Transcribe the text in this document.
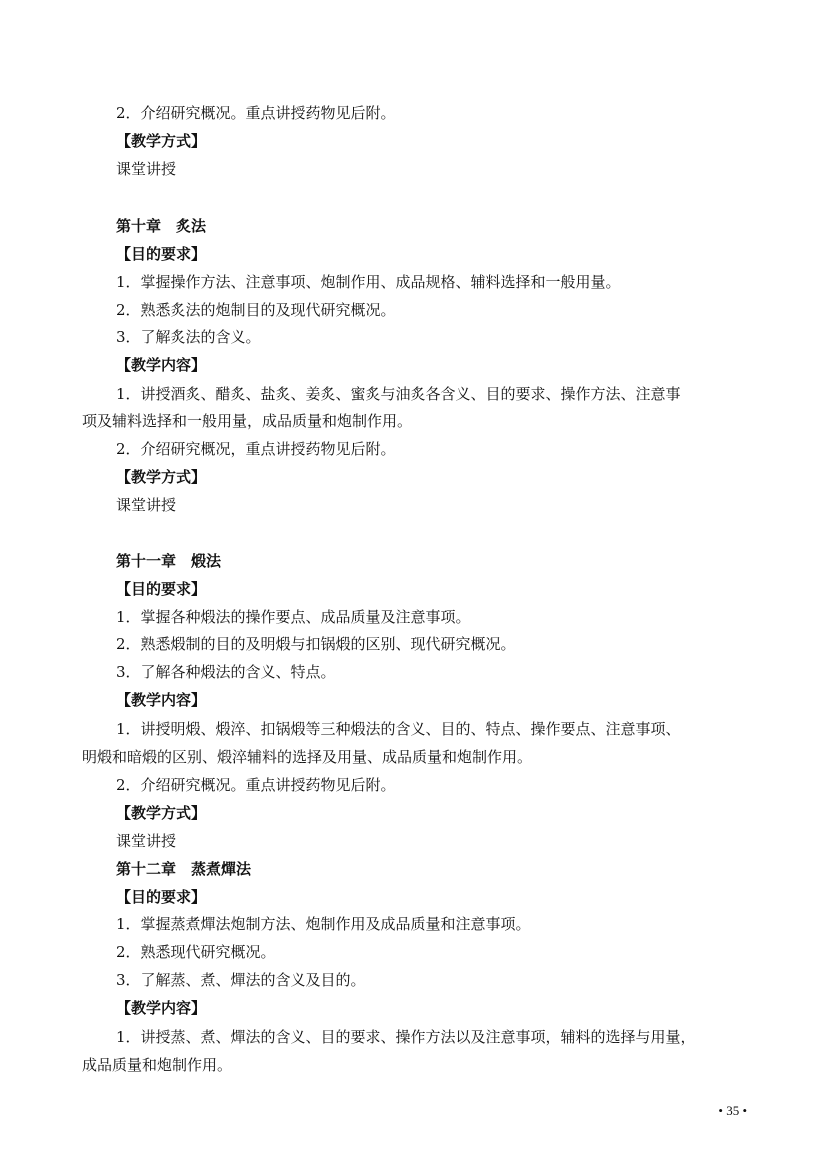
2．介绍研究概况。重点讲授药物见后附。
【教学方式】
课堂讲授
第十章　炙法
【目的要求】
1．掌握操作方法、注意事项、炮制作用、成品规格、辅料选择和一般用量。
2．熟悉炙法的炮制目的及现代研究概况。
3．了解炙法的含义。
【教学内容】
1．讲授酒炙、醋炙、盐炙、姜炙、蜜炙与油炙各含义、目的要求、操作方法、注意事
项及辅料选择和一般用量，成品质量和炮制作用。
2．介绍研究概况，重点讲授药物见后附。
【教学方式】
课堂讲授
第十一章　煅法
【目的要求】
1．掌握各种煅法的操作要点、成品质量及注意事项。
2．熟悉煅制的目的及明煅与扣锅煅的区别、现代研究概况。
3．了解各种煅法的含义、特点。
【教学内容】
1．讲授明煅、煅淬、扣锅煅等三种煅法的含义、目的、特点、操作要点、注意事项、
明煅和暗煅的区别、煅淬辅料的选择及用量、成品质量和炮制作用。
2．介绍研究概况。重点讲授药物见后附。
【教学方式】
课堂讲授
第十二章　蒸煮燀法
【目的要求】
1．掌握蒸煮燀法炮制方法、炮制作用及成品质量和注意事项。
2．熟悉现代研究概况。
3．了解蒸、煮、燀法的含义及目的。
【教学内容】
1．讲授蒸、煮、燀法的含义、目的要求、操作方法以及注意事项，辅料的选择与用量，
成品质量和炮制作用。
• 35 •
